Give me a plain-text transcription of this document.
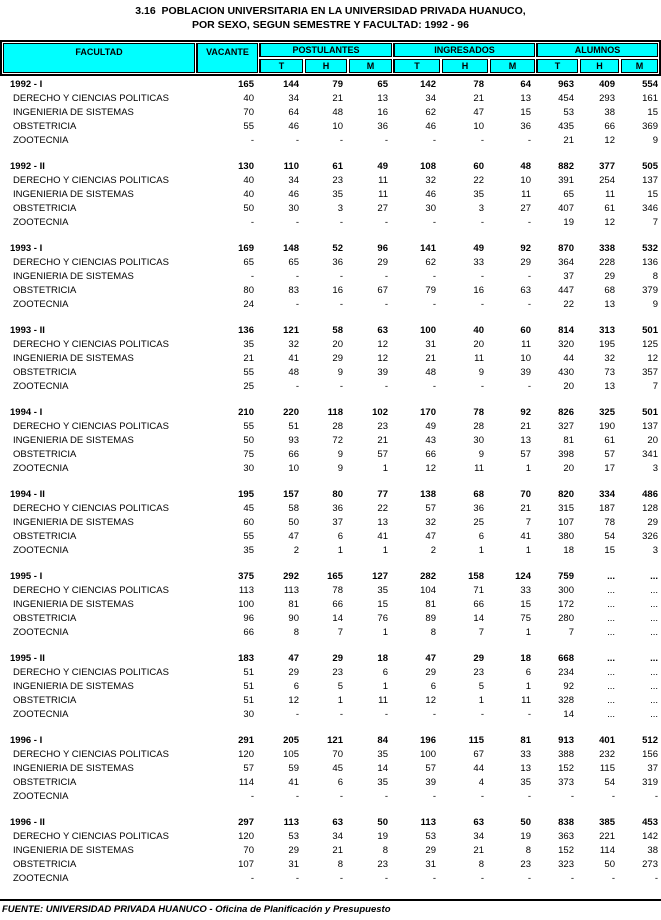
3.16  POBLACION UNIVERSITARIA EN LA UNIVERSIDAD PRIVADA HUANUCO,
POR SEXO, SEGUN SEMESTRE Y FACULTAD: 1992 - 96
FACULTAD	VACANTE	POSTULANTES	INGRESADOS	ALUMNOS
T	H	M	T	H	M	T	H	M
1992 - I	165	144	79	65	142	78	64	963	409	554
DERECHO Y CIENCIAS POLITICAS	40	34	21	13	34	21	13	454	293	161
INGENIERIA DE SISTEMAS	70	64	48	16	62	47	15	53	38	15
OBSTETRICIA	55	46	10	36	46	10	36	435	66	369
ZOOTECNIA	-	-	-	-	-	-	-	21	12	9
1992 - II	130	110	61	49	108	60	48	882	377	505
DERECHO Y CIENCIAS POLITICAS	40	34	23	11	32	22	10	391	254	137
INGENIERIA DE SISTEMAS	40	46	35	11	46	35	11	65	11	15
OBSTETRICIA	50	30	3	27	30	3	27	407	61	346
ZOOTECNIA	-	-	-	-	-	-	-	19	12	7
1993 - I	169	148	52	96	141	49	92	870	338	532
DERECHO Y CIENCIAS POLITICAS	65	65	36	29	62	33	29	364	228	136
INGENIERIA DE SISTEMAS	-	-	-	-	-	-	-	37	29	8
OBSTETRICIA	80	83	16	67	79	16	63	447	68	379
ZOOTECNIA	24	-	-	-	-	-	-	22	13	9
1993 - II	136	121	58	63	100	40	60	814	313	501
DERECHO Y CIENCIAS POLITICAS	35	32	20	12	31	20	11	320	195	125
INGENIERIA DE SISTEMAS	21	41	29	12	21	11	10	44	32	12
OBSTETRICIA	55	48	9	39	48	9	39	430	73	357
ZOOTECNIA	25	-	-	-	-	-	-	20	13	7
1994 - I	210	220	118	102	170	78	92	826	325	501
DERECHO Y CIENCIAS POLITICAS	55	51	28	23	49	28	21	327	190	137
INGENIERIA DE SISTEMAS	50	93	72	21	43	30	13	81	61	20
OBSTETRICIA	75	66	9	57	66	9	57	398	57	341
ZOOTECNIA	30	10	9	1	12	11	1	20	17	3
1994 - II	195	157	80	77	138	68	70	820	334	486
DERECHO Y CIENCIAS POLITICAS	45	58	36	22	57	36	21	315	187	128
INGENIERIA DE SISTEMAS	60	50	37	13	32	25	7	107	78	29
OBSTETRICIA	55	47	6	41	47	6	41	380	54	326
ZOOTECNIA	35	2	1	1	2	1	1	18	15	3
1995 - I	375	292	165	127	282	158	124	759	...	...
DERECHO Y CIENCIAS POLITICAS	113	113	78	35	104	71	33	300	...	...
INGENIERIA DE SISTEMAS	100	81	66	15	81	66	15	172	...	...
OBSTETRICIA	96	90	14	76	89	14	75	280	...	...
ZOOTECNIA	66	8	7	1	8	7	1	7	...	...
1995 - II	183	47	29	18	47	29	18	668	...	...
DERECHO Y CIENCIAS POLITICAS	51	29	23	6	29	23	6	234	...	...
INGENIERIA DE SISTEMAS	51	6	5	1	6	5	1	92	...	...
OBSTETRICIA	51	12	1	11	12	1	11	328	...	...
ZOOTECNIA	30	-	-	-	-	-	-	14	...	...
1996 - I	291	205	121	84	196	115	81	913	401	512
DERECHO Y CIENCIAS POLITICAS	120	105	70	35	100	67	33	388	232	156
INGENIERIA DE SISTEMAS	57	59	45	14	57	44	13	152	115	37
OBSTETRICIA	114	41	6	35	39	4	35	373	54	319
ZOOTECNIA	-	-	-	-	-	-	-	-	-	-
1996 - II	297	113	63	50	113	63	50	838	385	453
DERECHO Y CIENCIAS POLITICAS	120	53	34	19	53	34	19	363	221	142
INGENIERIA DE SISTEMAS	70	29	21	8	29	21	8	152	114	38
OBSTETRICIA	107	31	8	23	31	8	23	323	50	273
ZOOTECNIA	-	-	-	-	-	-	-	-	-	-
FUENTE: UNIVERSIDAD PRIVADA HUANUCO - Oficina de Planificación y Presupuesto
